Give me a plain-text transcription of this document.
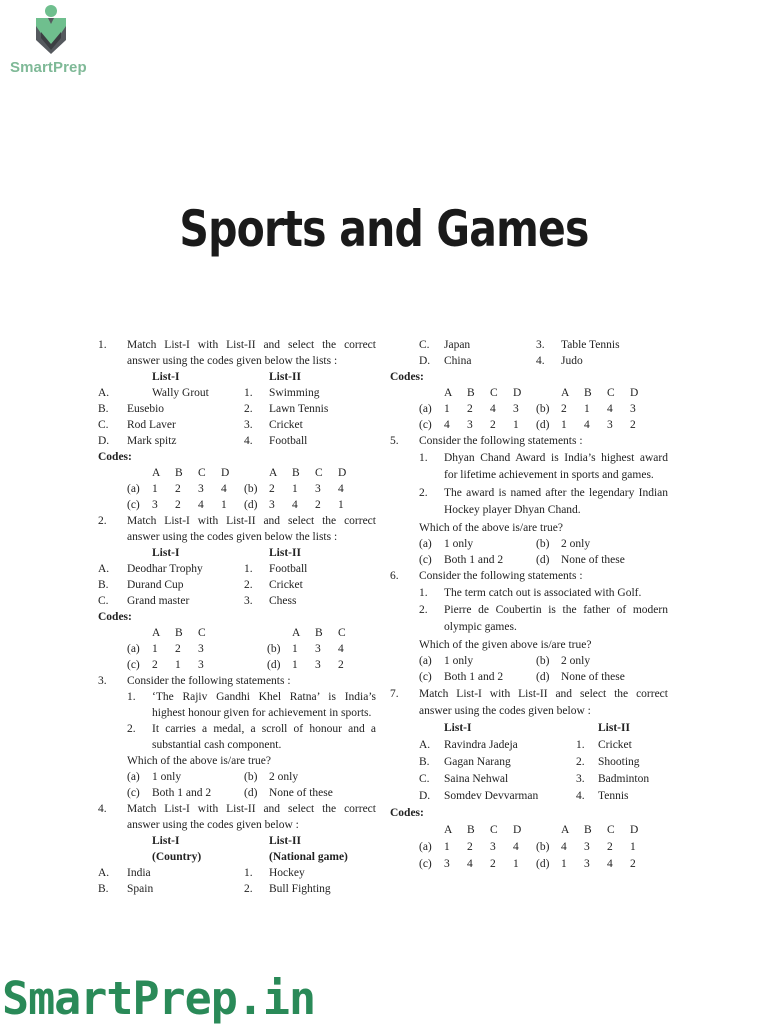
SmartPrep
Sports and Games
1.	Match List-I with List-II and select the correct answer using the codes given below the lists :
List-I	List-II
A.	Wally Grout	1.	Swimming
B.	Eusebio	2.	Lawn Tennis
C.	Rod Laver	3.	Cricket
D.	Mark spitz	4.	Football
Codes:
A	B	C	D	A	B	C	D
(a)	1	2	3	4	(b)	2	1	3	4
(c)	3	2	4	1	(d)	3	4	2	1
2.	Match List-I with List-II and select the correct answer using the codes given below the lists :
List-I	List-II
A.	Deodhar Trophy	1.	Football
B.	Durand Cup	2.	Cricket
C.	Grand master	3.	Chess
Codes:
A	B	C	A	B	C
(a)	1	2	3	(b)	1	3	4
(c)	2	1	3	(d)	1	3	2
3.	Consider the following statements :
1.	‘The Rajiv Gandhi Khel Ratna’ is India’s highest honour given for achievement in sports.
2.	It carries a medal, a scroll of honour and a substantial cash component.
Which of the above is/are true?
(a)	1 only	(b)	2 only
(c)	Both 1 and 2	(d)	None of these
4.	Match List-I with List-II and select the correct answer using the codes given below :
List-I	List-II
(Country)	(National game)
A.	India	1.	Hockey
B.	Spain	2.	Bull Fighting
C.	Japan	3.	Table Tennis
D.	China	4.	Judo
Codes:
A	B	C	D	A	B	C	D
(a)	1	2	4	3	(b)	2	1	4	3
(c)	4	3	2	1	(d)	1	4	3	2
5.	Consider the following statements :
1.	Dhyan Chand Award is India’s highest award for lifetime achievement in sports and games.
2.	The award is named after the legendary Indian Hockey player Dhyan Chand.
Which of the above is/are true?
(a)	1 only	(b)	2 only
(c)	Both 1 and 2	(d)	None of these
6.	Consider the following statements :
1.	The term catch out is associated with Golf.
2.	Pierre de Coubertin is the father of modern olympic games.
Which of the given above is/are true?
(a)	1 only	(b)	2 only
(c)	Both 1 and 2	(d)	None of these
7.	Match List-I with List-II and select the correct answer using the codes given below :
List-I	List-II
A.	Ravindra Jadeja	1.	Cricket
B.	Gagan Narang	2.	Shooting
C.	Saina Nehwal	3.	Badminton
D.	Somdev Devvarman	4.	Tennis
Codes:
A	B	C	D	A	B	C	D
(a)	1	2	3	4	(b)	4	3	2	1
(c)	3	4	2	1	(d)	1	3	4	2
SmartPrep.in
